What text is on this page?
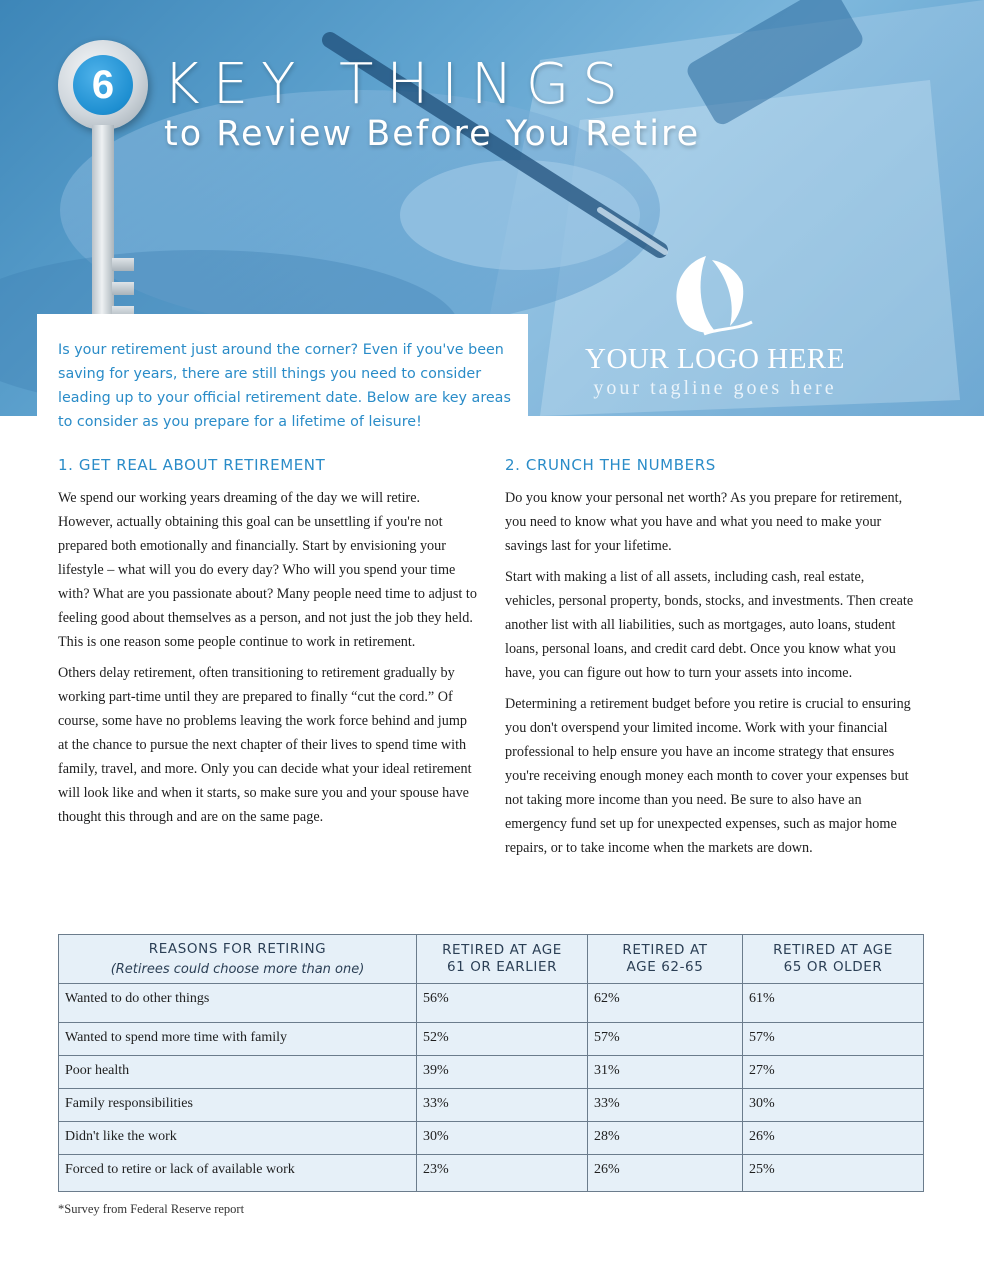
6 KEY THINGS
to Review Before You Retire
YOUR LOGO HERE
your tagline goes here
Is your retirement just around the corner? Even if you've been saving for years, there are still things you need to consider leading up to your official retirement date. Below are key areas to consider as you prepare for a lifetime of leisure!
1. GET REAL ABOUT RETIREMENT

We spend our working years dreaming of the day we will retire. However, actually obtaining this goal can be unsettling if you're not prepared both emotionally and financially. Start by envisioning your lifestyle – what will you do every day? Who will you spend your time with? What are you passionate about? Many people need time to adjust to feeling good about themselves as a person, and not just the job they held. This is one reason some people continue to work in retirement.

Others delay retirement, often transitioning to retirement gradually by working part-time until they are prepared to finally “cut the cord.” Of course, some have no problems leaving the work force behind and jump at the chance to pursue the next chapter of their lives to spend time with family, travel, and more. Only you can decide what your ideal retirement will look like and when it starts, so make sure you and your spouse have thought this through and are on the same page.

2. CRUNCH THE NUMBERS

Do you know your personal net worth? As you prepare for retirement, you need to know what you have and what you need to make your savings last for your lifetime.

Start with making a list of all assets, including cash, real estate, vehicles, personal property, bonds, stocks, and investments. Then create another list with all liabilities, such as mortgages, auto loans, student loans, personal loans, and credit card debt. Once you know what you have, you can figure out how to turn your assets into income.

Determining a retirement budget before you retire is crucial to ensuring you don't overspend your limited income. Work with your financial professional to help ensure you have an income strategy that ensures you're receiving enough money each month to cover your expenses but not taking more income than you need. Be sure to also have an emergency fund set up for unexpected expenses, such as major home repairs, or to take income when the markets are down.

REASONS FOR RETIRING
(Retirees could choose more than one)	RETIRED AT AGE 61 OR EARLIER	RETIRED AT AGE 62-65	RETIRED AT AGE 65 OR OLDER
Wanted to do other things	56%	62%	61%
Wanted to spend more time with family	52%	57%	57%
Poor health	39%	31%	27%
Family responsibilities	33%	33%	30%
Didn't like the work	30%	28%	26%
Forced to retire or lack of available work	23%	26%	25%
*Survey from Federal Reserve report
